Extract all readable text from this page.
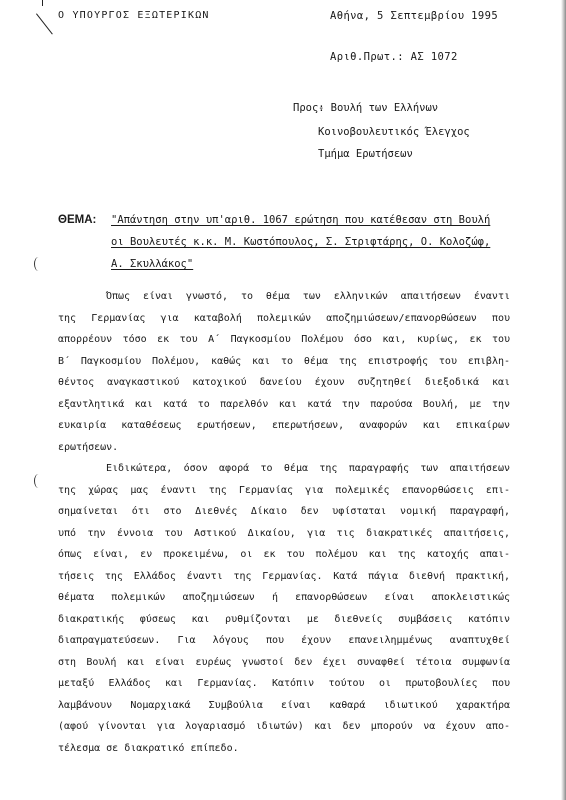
Ο ΥΠΟΥΡΓΟΣ ΕΞΩΤΕΡΙΚΩΝ	Αθήνα, 5 Σεπτεμβρίου 1995
Αριθ.Πρωτ.: ΑΣ 1072
Προς:
- Βουλή των Ελλήνων
Κοινοβουλευτικός Έλεγχος
Τμήμα Ερωτήσεων
ΘΕΜΑ: "Απάντηση στην υπ'αριθ. 1067 ερώτηση που κατέθεσαν στη Βουλή
οι Βουλευτές κ.κ. Μ. Κωστόπουλος, Σ. Στριφτάρης, Ο. Κολοζώφ,
Α. Σκυλλάκος"
Όπως είναι γνωστό, το θέμα των ελληνικών απαιτήσεων έναντι
της Γερμανίας για καταβολή πολεμικών αποζημιώσεων/επανορθώσεων που
απορρέουν τόσο εκ του Α΄ Παγκοσμίου Πολέμου όσο και, κυρίως, εκ του
Β΄ Παγκοσμίου Πολέμου, καθώς και το θέμα της επιστροφής του επιβλη-
θέντος αναγκαστικού κατοχικού δανείου έχουν συζητηθεί διεξοδικά και
εξαντλητικά και κατά το παρελθόν και κατά την παρούσα Βουλή, με την
ευκαιρία καταθέσεως ερωτήσεων, επερωτήσεων, αναφορών και επικαίρων
ερωτήσεων.
Ειδικώτερα, όσον αφορά το θέμα της παραγραφής των απαιτήσεων
της χώρας μας έναντι της Γερμανίας για πολεμικές επανορθώσεις επι-
σημαίνεται ότι στο Διεθνές Δίκαιο δεν υφίσταται νομική παραγραφή,
υπό την έννοια του Αστικού Δικαίου, για τις διακρατικές απαιτήσεις,
όπως είναι, εν προκειμένω, οι εκ του πολέμου και της κατοχής απαι-
τήσεις της Ελλάδος έναντι της Γερμανίας. Κατά πάγια διεθνή πρακτική,
θέματα πολεμικών αποζημιώσεων ή επανορθώσεων είναι αποκλειστικώς
διακρατικής φύσεως και ρυθμίζονται με διεθνείς συμβάσεις κατόπιν
διαπραγματεύσεων. Για λόγους που έχουν επανειλημμένως αναπτυχθεί
στη Βουλή και είναι ευρέως γνωστοί δεν έχει συναφθεί τέτοια συμφωνία
μεταξύ Ελλάδος και Γερμανίας. Κατόπιν τούτου οι πρωτοβουλίες που
λαμβάνουν Νομαρχιακά Συμβούλια είναι καθαρά ιδιωτικού χαρακτήρα
(αφού γίνονται για λογαριασμό ιδιωτών) και δεν μπορούν να έχουν απο-
τέλεσμα σε διακρατικό επίπεδο.
